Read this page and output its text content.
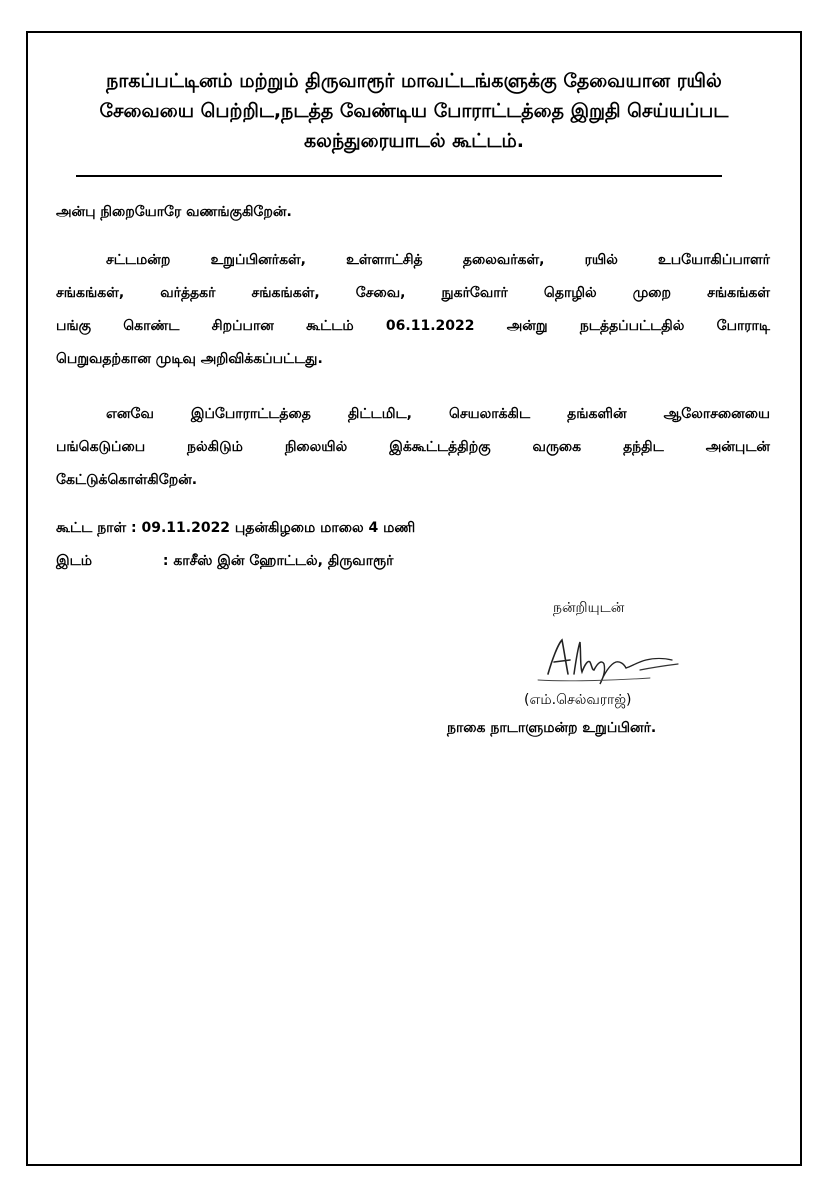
நாகப்பட்டினம் மற்றும் திருவாரூர் மாவட்டங்களுக்கு தேவையான ரயில்
சேவையை பெற்றிட,நடத்த வேண்டிய போராட்டத்தை இறுதி செய்யப்பட
கலந்துரையாடல் கூட்டம்.
அன்பு நிறையோரே வணங்குகிறேன்.
சட்டமன்ற உறுப்பினர்கள், உள்ளாட்சித் தலைவர்கள், ரயில் உபயோகிப்பாளர்
சங்கங்கள், வர்த்தகர் சங்கங்கள், சேவை, நுகர்வோர் தொழில் முறை சங்கங்கள்
பங்கு கொண்ட சிறப்பான கூட்டம் 06.11.2022 அன்று நடத்தப்பட்டதில் போராடி
பெறுவதற்கான முடிவு அறிவிக்கப்பட்டது.
எனவே இப்போராட்டத்தை திட்டமிட, செயலாக்கிட தங்களின் ஆலோசனையை
பங்கெடுப்பை நல்கிடும் நிலையில் இக்கூட்டத்திற்கு வருகை தந்திட அன்புடன்
கேட்டுக்கொள்கிறேன்.
கூட்ட நாள் : 09.11.2022 புதன்கிழமை மாலை 4 மணி
இடம்	: காசீஸ் இன் ஹோட்டல், திருவாரூர்
நன்றியுடன்
(எம்.செல்வராஜ்)
நாகை நாடாளுமன்ற உறுப்பினர்.
